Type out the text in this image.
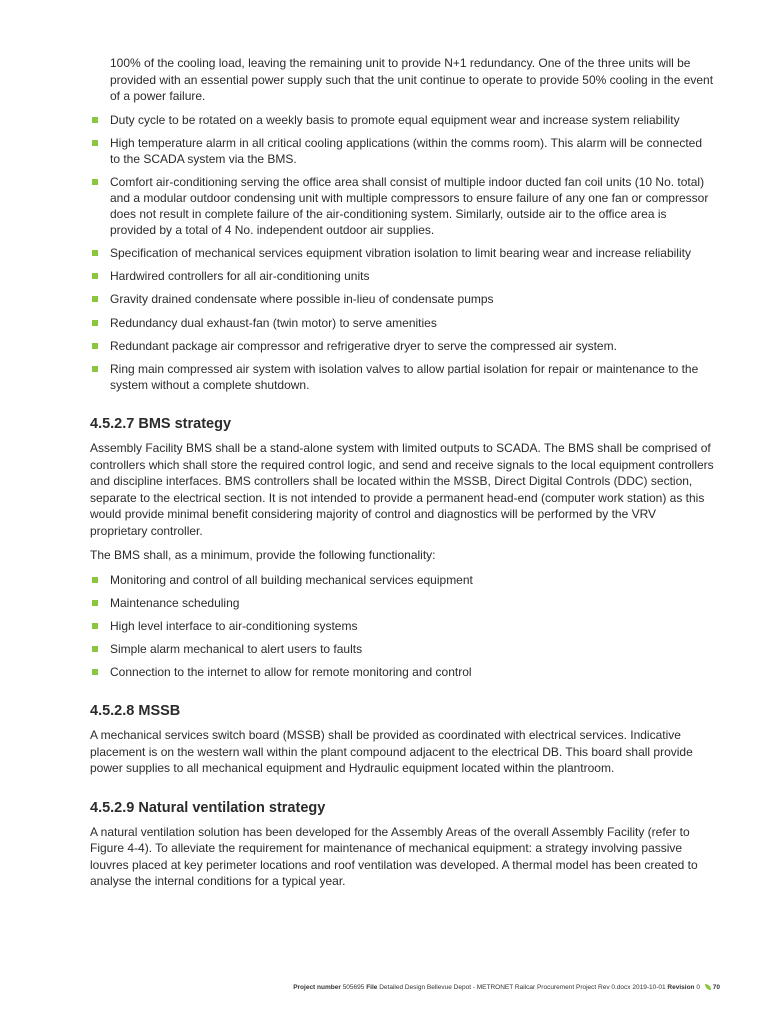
100% of the cooling load, leaving the remaining unit to provide N+1 redundancy. One of the three units will be provided with an essential power supply such that the unit continue to operate to provide 50% cooling in the event of a power failure.

Duty cycle to be rotated on a weekly basis to promote equal equipment wear and increase system reliability
High temperature alarm in all critical cooling applications (within the comms room). This alarm will be connected to the SCADA system via the BMS.
Comfort air-conditioning serving the office area shall consist of multiple indoor ducted fan coil units (10 No. total) and a modular outdoor condensing unit with multiple compressors to ensure failure of any one fan or compressor does not result in complete failure of the air-conditioning system. Similarly, outside air to the office area is provided by a total of 4 No. independent outdoor air supplies.
Specification of mechanical services equipment vibration isolation to limit bearing wear and increase reliability
Hardwired controllers for all air-conditioning units
Gravity drained condensate where possible in-lieu of condensate pumps
Redundancy dual exhaust-fan (twin motor) to serve amenities
Redundant package air compressor and refrigerative dryer to serve the compressed air system.
Ring main compressed air system with isolation valves to allow partial isolation for repair or maintenance to the system without a complete shutdown.
4.5.2.7 BMS strategy

Assembly Facility BMS shall be a stand-alone system with limited outputs to SCADA. The BMS shall be comprised of controllers which shall store the required control logic, and send and receive signals to the local equipment controllers and discipline interfaces. BMS controllers shall be located within the MSSB, Direct Digital Controls (DDC) section, separate to the electrical section. It is not intended to provide a permanent head-end (computer work station) as this would provide minimal benefit considering majority of control and diagnostics will be performed by the VRV proprietary controller.

The BMS shall, as a minimum, provide the following functionality:

Monitoring and control of all building mechanical services equipment
Maintenance scheduling
High level interface to air-conditioning systems
Simple alarm mechanical to alert users to faults
Connection to the internet to allow for remote monitoring and control
4.5.2.8 MSSB

A mechanical services switch board (MSSB) shall be provided as coordinated with electrical services. Indicative placement is on the western wall within the plant compound adjacent to the electrical DB. This board shall provide power supplies to all mechanical equipment and Hydraulic equipment located within the plantroom.

4.5.2.9 Natural ventilation strategy

A natural ventilation solution has been developed for the Assembly Areas of the overall Assembly Facility (refer to Figure 4-4). To alleviate the requirement for maintenance of mechanical equipment: a strategy involving passive louvres placed at key perimeter locations and roof ventilation was developed. A thermal model has been created to analyse the internal conditions for a typical year.

Project number 505695 File Detailed Design Bellevue Depot - METRONET Railcar Procurement Project Rev 0.docx 2019-10-01 Revision 0 70
